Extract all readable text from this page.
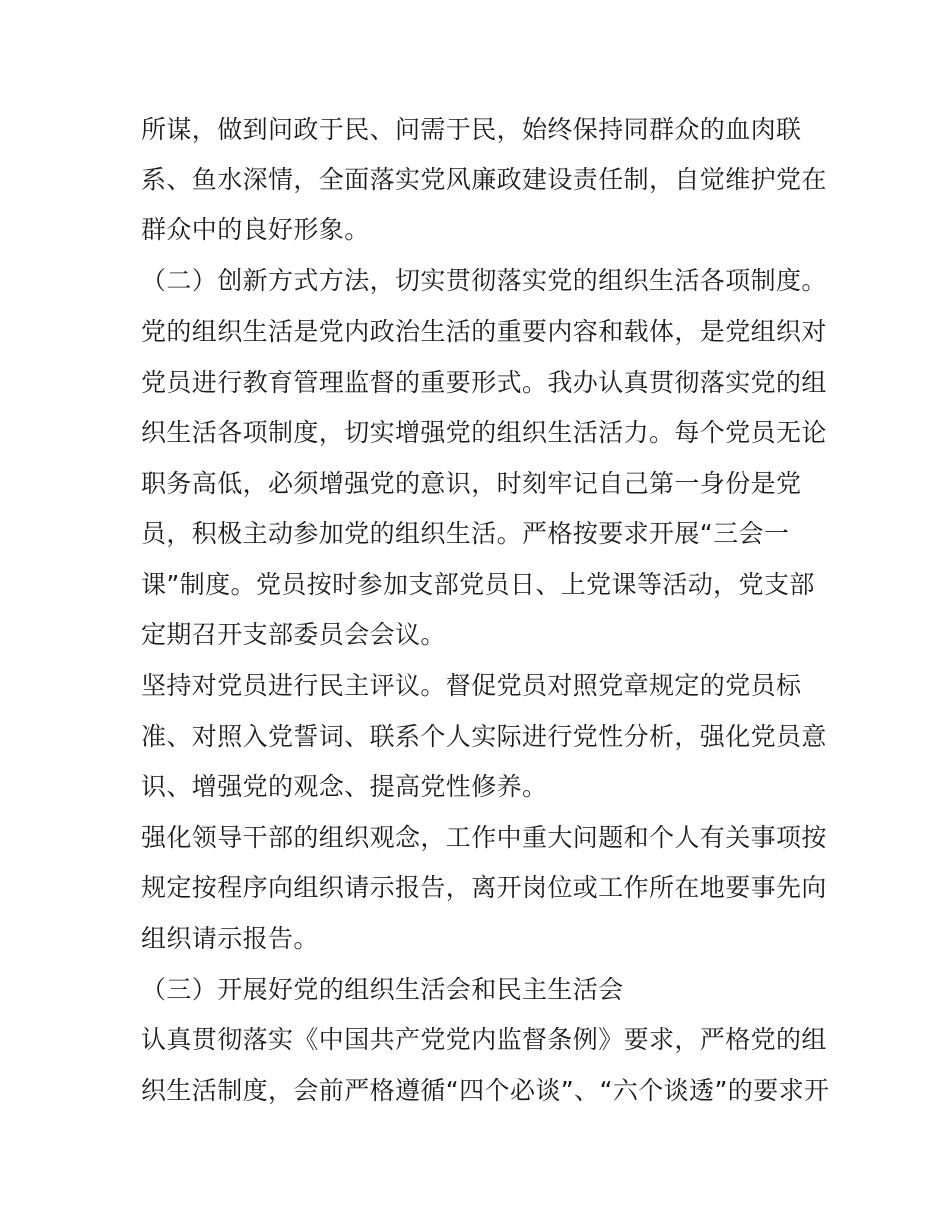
所谋，做到问政于民、问需于民，始终保持同群众的血肉联

系、鱼水深情，全面落实党风廉政建设责任制，自觉维护党在

群众中的良好形象。

（二）创新方式方法，切实贯彻落实党的组织生活各项制度。

党的组织生活是党内政治生活的重要内容和载体，是党组织对

党员进行教育管理监督的重要形式。我办认真贯彻落实党的组

织生活各项制度，切实增强党的组织生活活力。每个党员无论

职务高低，必须增强党的意识，时刻牢记自己第一身份是党

员，积极主动参加党的组织生活。严格按要求开展“三会一

课”制度。党员按时参加支部党员日、上党课等活动，党支部

定期召开支部委员会会议。

坚持对党员进行民主评议。督促党员对照党章规定的党员标

准、对照入党誓词、联系个人实际进行党性分析，强化党员意

识、增强党的观念、提高党性修养。

强化领导干部的组织观念，工作中重大问题和个人有关事项按

规定按程序向组织请示报告，离开岗位或工作所在地要事先向

组织请示报告。

（三）开展好党的组织生活会和民主生活会

认真贯彻落实《中国共产党党内监督条例》要求，严格党的组

织生活制度，会前严格遵循“四个必谈”、“六个谈透”的要求开
